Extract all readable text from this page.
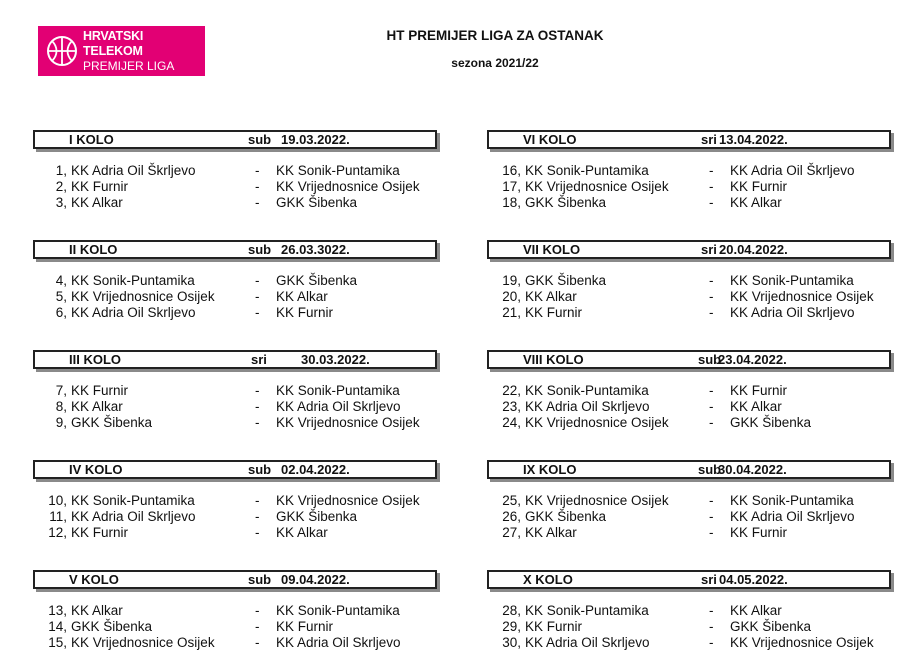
HRVATSKI TELEKOM
PREMIJER LIGA
HT PREMIJER LIGA ZA OSTANAK
sezona 2021/22
I KOLO	sub 19.03.2022.
1, KK Adria Oil Škrljevo	- KK Sonik-Puntamika
2, KK Furnir	- KK Vrijednosnice Osijek
3, KK Alkar	- GKK Šibenka
II KOLO	sub 26.03.3022.
4, KK Sonik-Puntamika	- GKK Šibenka
5, KK Vrijednosnice Osijek	- KK Alkar
6, KK Adria Oil Skrljevo	- KK Furnir
III KOLO	sri	30.03.2022.
7, KK Furnir	- KK Sonik-Puntamika
8, KK Alkar	- KK Adria Oil Skrljevo
9, GKK Šibenka	- KK Vrijednosnice Osijek
IV KOLO	sub 02.04.2022.
10, KK Sonik-Puntamika	- KK Vrijednosnice Osijek
11, KK Adria Oil Skrljevo	- GKK Šibenka
12, KK Furnir	- KK Alkar
V KOLO	sub 09.04.2022.
13, KK Alkar	- KK Sonik-Puntamika
14, GKK Šibenka	- KK Furnir
15, KK Vrijednosnice Osijek	- KK Adria Oil Skrljevo
VI KOLO	sri 13.04.2022.
16, KK Sonik-Puntamika	- KK Adria Oil Škrljevo
17, KK Vrijednosnice Osijek	- KK Furnir
18, GKK Šibenka	- KK Alkar
VII KOLO	sri 20.04.2022.
19, GKK Šibenka	- KK Sonik-Puntamika
20, KK Alkar	- KK Vrijednosnice Osijek
21, KK Furnir	- KK Adria Oil Skrljevo
VIII KOLO	sub
23.04.2022.
22, KK Sonik-Puntamika	- KK Furnir
23, KK Adria Oil Skrljevo	- KK Alkar
24, KK Vrijednosnice Osijek	- GKK Šibenka
IX KOLO	sub
30.04.2022.
25, KK Vrijednosnice Osijek	- KK Sonik-Puntamika
26, GKK Šibenka	- KK Adria Oil Skrljevo
27, KK Alkar	- KK Furnir
X KOLO	sri 04.05.2022.
28, KK Sonik-Puntamika	- KK Alkar
29, KK Furnir	- GKK Šibenka
30, KK Adria Oil Skrljevo	- KK Vrijednosnice Osijek
